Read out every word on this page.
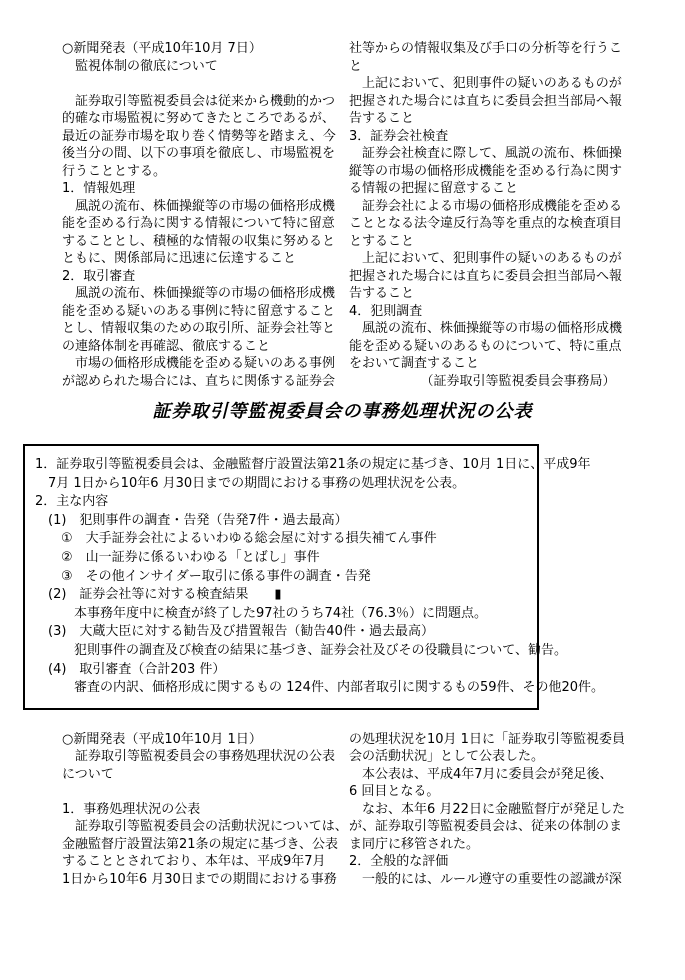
○新聞発表（平成10年10月 7日）
　監視体制の徹底について

　証券取引等監視委員会は従来から機動的かつ
的確な市場監視に努めてきたところであるが、
最近の証券市場を取り巻く情勢等を踏まえ、今
後当分の間、以下の事項を徹底し、市場監視を
行うこととする。
1．情報処理
　風説の流布、株価操縦等の市場の価格形成機
能を歪める行為に関する情報について特に留意
することとし、積極的な情報の収集に努めると
ともに、関係部局に迅速に伝達すること
2．取引審査
　風説の流布、株価操縦等の市場の価格形成機
能を歪める疑いのある事例に特に留意すること
とし、情報収集のための取引所、証券会社等と
の連絡体制を再確認、徹底すること
　市場の価格形成機能を歪める疑いのある事例
が認められた場合には、直ちに関係する証券会
社等からの情報収集及び手口の分析等を行うこ
と
　上記において、犯則事件の疑いのあるものが
把握された場合には直ちに委員会担当部局へ報
告すること
3．証券会社検査
　証券会社検査に際して、風説の流布、株価操
縦等の市場の価格形成機能を歪める行為に関す
る情報の把握に留意すること
　証券会社による市場の価格形成機能を歪める
こととなる法令違反行為等を重点的な検査項目
とすること
　上記において、犯則事件の疑いのあるものが
把握された場合には直ちに委員会担当部局へ報
告すること
4．犯則調査
　風説の流布、株価操縦等の市場の価格形成機
能を歪める疑いのあるものについて、特に重点
をおいて調査すること
　　　　　　（証券取引等監視委員会事務局）
証券取引等監視委員会の事務処理状況の公表
1．証券取引等監視委員会は、金融監督庁設置法第21条の規定に基づき、10月 1日に、平成9年
　7月 1日から10年6 月30日までの期間における事務の処理状況を公表。
2．主な内容
　(1)　犯則事件の調査・告発（告発7件・過去最高）
　　①　大手証券会社によるいわゆる総会屋に対する損失補てん事件
　　②　山一証券に係るいわゆる「とばし」事件
　　③　その他インサイダー取引に係る事件の調査・告発
　(2)　証券会社等に対する検査結果　　▮
　　　本事務年度中に検査が終了した97社のうち74社（76.3％）に問題点。
　(3)　大蔵大臣に対する勧告及び措置報告（勧告40件・過去最高）
　　　犯則事件の調査及び検査の結果に基づき、証券会社及びその役職員について、勧告。
　(4)　取引審査（合計203 件）
　　　審査の内訳、価格形成に関するもの 124件、内部者取引に関するもの59件、その他20件。
○新聞発表（平成10年10月 1日）
　証券取引等監視委員会の事務処理状況の公表
について

1．事務処理状況の公表
　証券取引等監視委員会の活動状況については、
金融監督庁設置法第21条の規定に基づき、公表
することとされており、本年は、平成9年7月
1日から10年6 月30日までの期間における事務
の処理状況を10月 1日に「証券取引等監視委員
会の活動状況」として公表した。
　本公表は、平成4年7月に委員会が発足後、
6 回目となる。
　なお、本年6 月22日に金融監督庁が発足した
が、証券取引等監視委員会は、従来の体制のま
ま同庁に移管された。
2．全般的な評価
　一般的には、ルール遵守の重要性の認識が深
